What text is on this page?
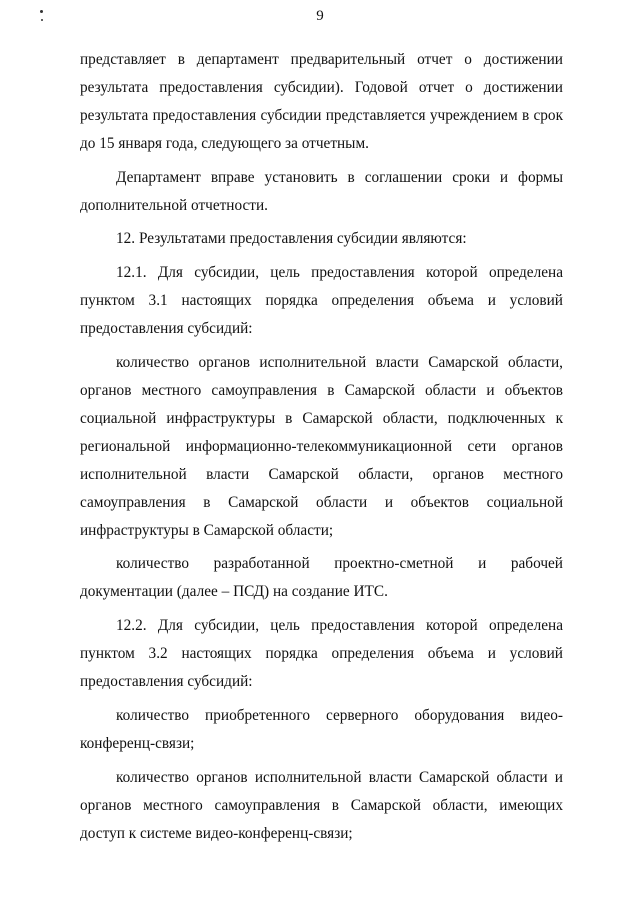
9

представляет в департамент предварительный отчет о достижении результата предоставления субсидии). Годовой отчет о достижении результата предоставления субсидии представляется учреждением в срок до 15 января года, следующего за отчетным.

Департамент вправе установить в соглашении сроки и формы дополнительной отчетности.

12. Результатами предоставления субсидии являются:

12.1. Для субсидии, цель предоставления которой определена пунктом 3.1 настоящих порядка определения объема и условий предоставления субсидий:

количество органов исполнительной власти Самарской области, органов местного самоуправления в Самарской области и объектов социальной инфраструктуры в Самарской области, подключенных к региональной информационно-телекоммуникационной сети органов исполнительной власти Самарской области, органов местного самоуправления в Самарской области и объектов социальной инфраструктуры в Самарской области;

количество разработанной проектно-сметной и рабочей документации (далее – ПСД) на создание ИТС.

12.2. Для субсидии, цель предоставления которой определена пунктом 3.2 настоящих порядка определения объема и условий предоставления субсидий:

количество приобретенного серверного оборудования видео-конференц-связи;

количество органов исполнительной власти Самарской области и органов местного самоуправления в Самарской области, имеющих доступ к системе видео-конференц-связи;
